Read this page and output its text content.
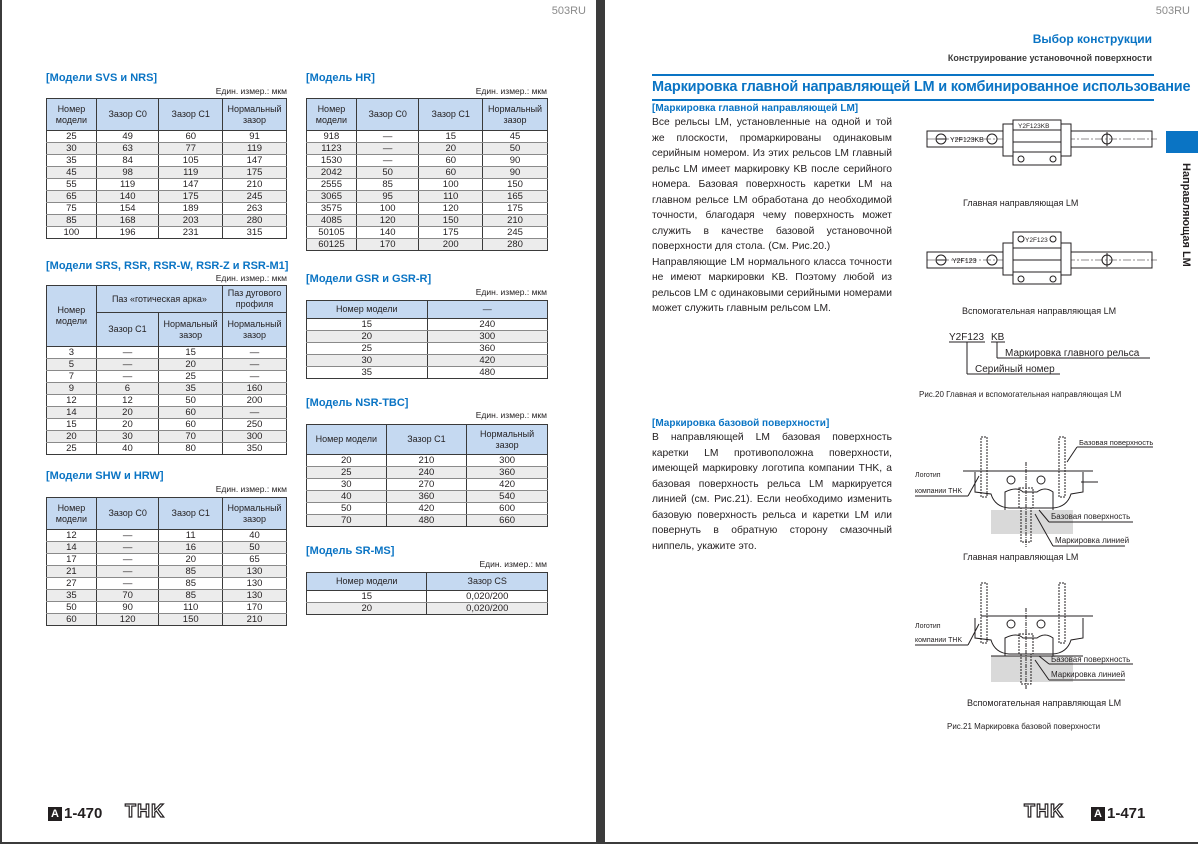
503RU
[Модели SVS и NRS]
Един. измер.: мкм
Номер модели	Зазор C0	Зазор C1	Нормальный зазор
25	49	60	91
30	63	77	119
35	84	105	147
45	98	119	175
55	119	147	210
65	140	175	245
75	154	189	263
85	168	203	280
100	196	231	315
[Модели SRS, RSR, RSR-W, RSR-Z и RSR-M1]
Един. измер.: мкм
Номер модели	Паз «готическая арка»		Паз дугового профиля
	Зазор C1	Нормальный зазор	Нормальный зазор
3	—	15	—
5	—	20	—
7	—	25	—
9	6	35	160
12	12	50	200
14	20	60	—
15	20	60	250
20	30	70	300
25	40	80	350
[Модели SHW и HRW]
Един. измер.: мкм
Номер модели	Зазор C0	Зазор C1	Нормальный зазор
12	—	11	40
14	—	16	50
17	—	20	65
21	—	85	130
27	—	85	130
35	70	85	130
50	90	110	170
60	120	150	210
[Модель HR]
Един. измер.: мкм
Номер модели	Зазор C0	Зазор C1	Нормальный зазор
918	—	15	45
1123	—	20	50
1530	—	60	90
2042	50	60	90
2555	85	100	150
3065	95	110	165
3575	100	120	175
4085	120	150	210
50105	140	175	245
60125	170	200	280
[Модели GSR и GSR-R]
Един. измер.: мкм
Номер модели	—
15	240
20	300
25	360
30	420
35	480
[Модель NSR-TBC]
Един. измер.: мкм
Номер модели	Зазор C1	Нормальный зазор
20	210	300
25	240	360
30	270	420
40	360	540
50	420	600
70	480	660
[Модель SR-MS]
Един. измер.: мм
Номер модели	Зазор CS
15	0,020/200
20	0,020/200
A 1-470 THK
503RU
Выбор конструкции
Конструирование установочной поверхности
Маркировка главной направляющей LM и комбинированное использование
Направляющая LM
[Маркировка главной направляющей LM]

Все рельсы LM, установленные на одной и той же плоскости, промаркированы одинаковым серийным номером. Из этих рельсов LM главный рельс LM имеет маркировку KB после серийного номера. Базовая поверхность каретки LM на главном рельсе LM обработана до необходимой точности, благодаря чему поверхность может служить в качестве базовой установочной поверхности для стола. (См. Рис.20.)

Направляющие LM нормального класса точности не имеют маркировки KB. Поэтому любой из рельсов LM с одинаковыми серийными номерами может служить главным рельсом LM.

[Маркировка базовой поверхности]

В направляющей LM базовая поверхность каретки LM противоположна поверхности, имеющей маркировку логотипа компании THK, а базовая поверхность рельса LM маркируется линией (см. Рис.21). Если необходимо изменить базовую поверхность рельса и каретки LM или повернуть в обратную сторону смазочный ниппель, укажите это.

Y2F123KB
Y2F123KB
Главная направляющая LM
Y2F123
Y2F123
Вспомогательная направляющая LM
Y2F123 KB
Маркировка главного рельса
Серийный номер
Рис.20 Главная и вспомогательная направляющая LM
Базовая поверхность
Логотип
компании THK
Базовая поверхность
Маркировка линией
Главная направляющая LM
Логотип
компании THK
Базовая поверхность
Маркировка линией
Вспомогательная направляющая LM
Рис.21 Маркировка базовой поверхности
THK	A 1-471
